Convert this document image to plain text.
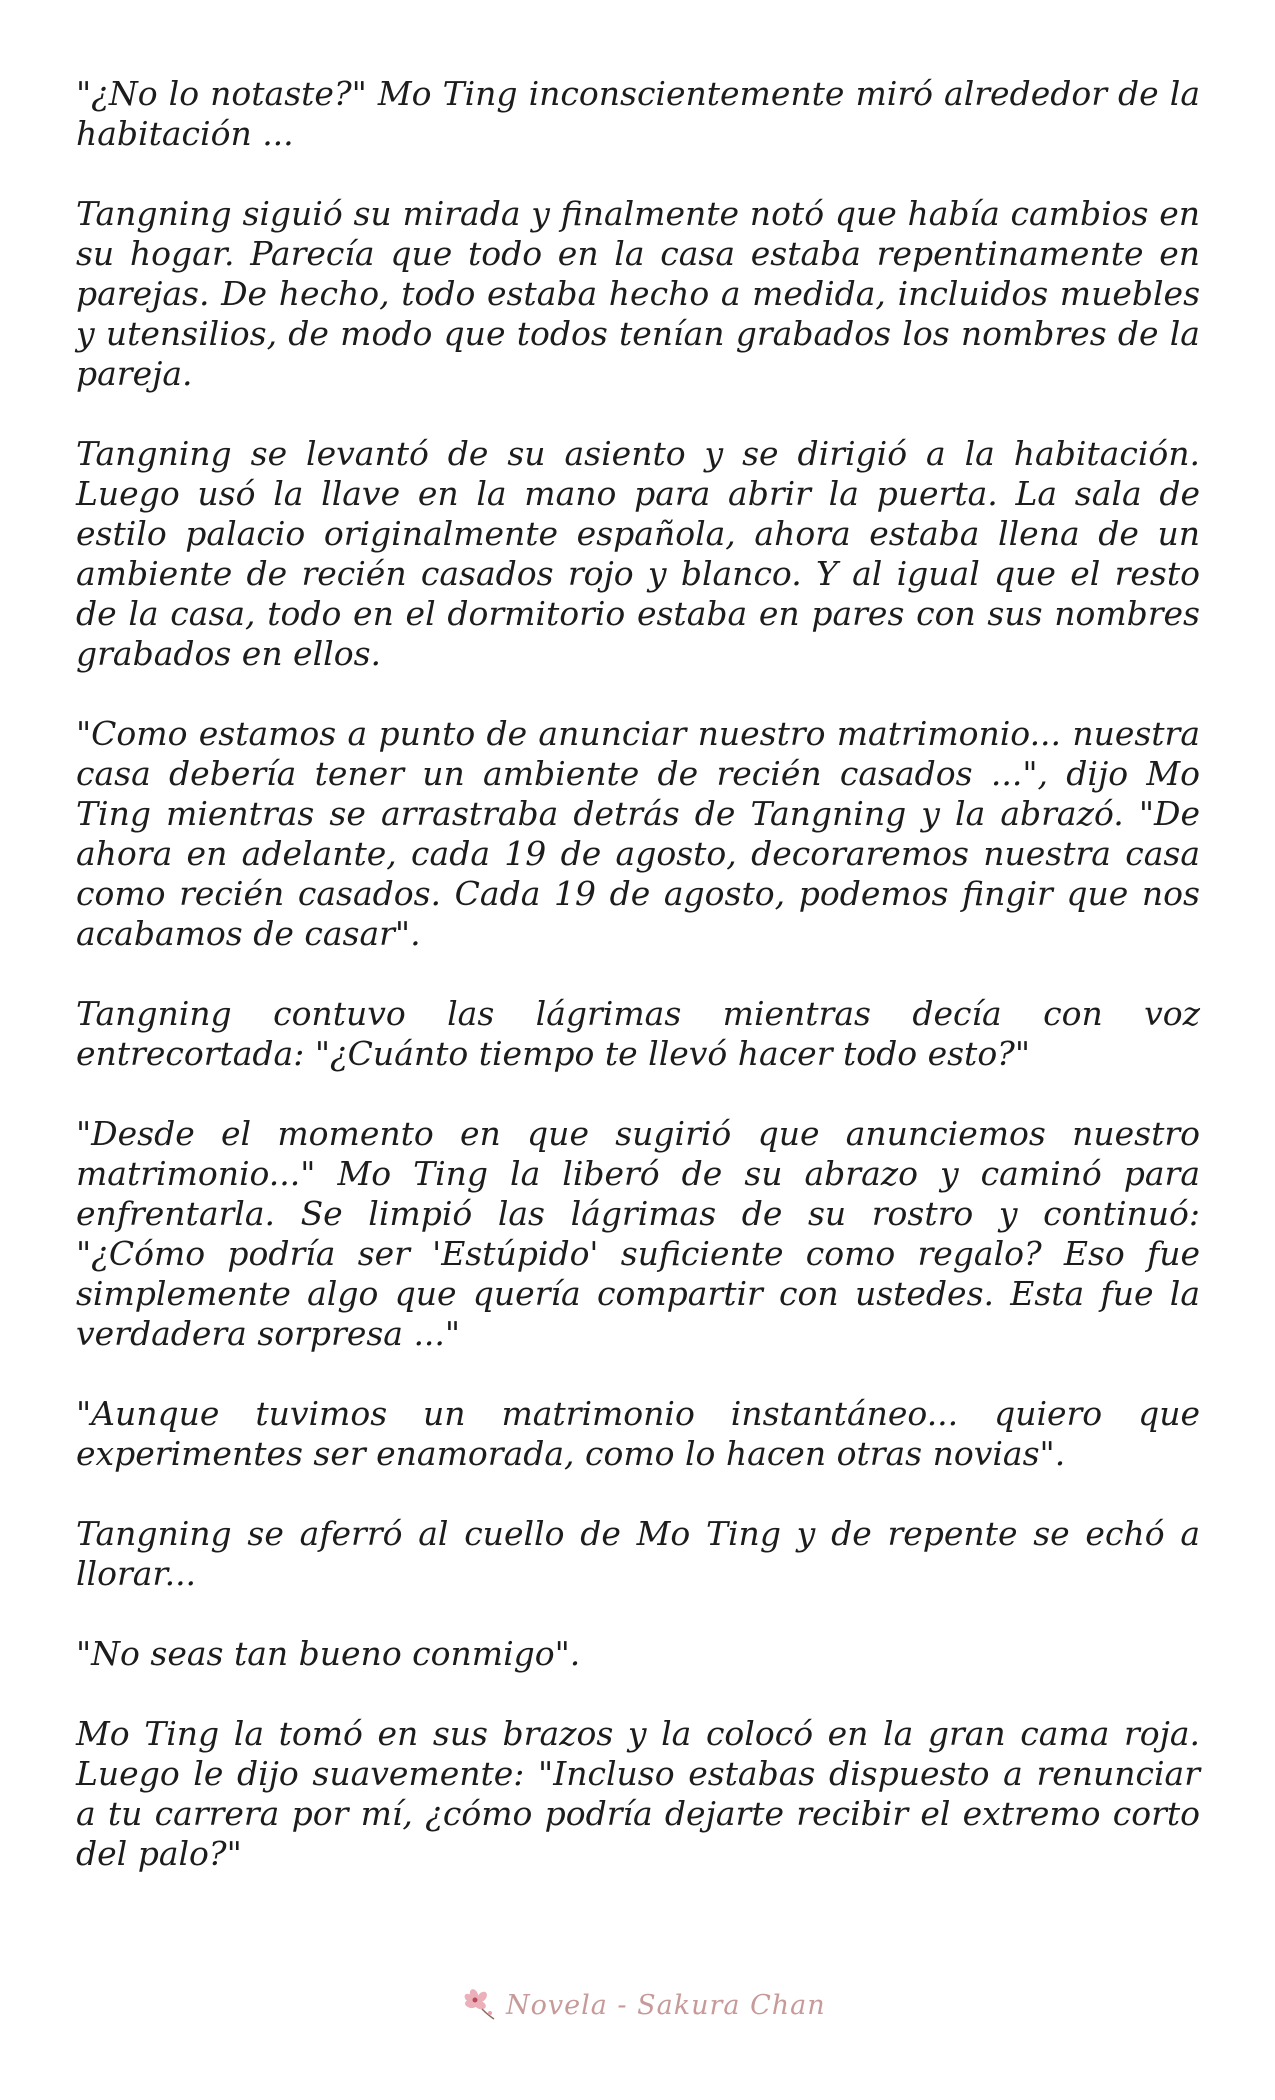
"¿No lo notaste?" Mo Ting inconscientemente miró alrededor de la habitación ...

Tangning siguió su mirada y finalmente notó que había cambios en su hogar. Parecía que todo en la casa estaba repentinamente en parejas. De hecho, todo estaba hecho a medida, incluidos muebles y utensilios, de modo que todos tenían grabados los nombres de la pareja.

Tangning se levantó de su asiento y se dirigió a la habitación. Luego usó la llave en la mano para abrir la puerta. La sala de estilo palacio originalmente española, ahora estaba llena de un ambiente de recién casados rojo y blanco. Y al igual que el resto de la casa, todo en el dormitorio estaba en pares con sus nombres grabados en ellos.

"Como estamos a punto de anunciar nuestro matrimonio... nuestra casa debería tener un ambiente de recién casados ...", dijo Mo Ting mientras se arrastraba detrás de Tangning y la abrazó. "De ahora en adelante, cada 19 de agosto, decoraremos nuestra casa como recién casados. Cada 19 de agosto, podemos fingir que nos acabamos de casar".

Tangning contuvo las lágrimas mientras decía con voz entrecortada: "¿Cuánto tiempo te llevó hacer todo esto?"

"Desde el momento en que sugirió que anunciemos nuestro matrimonio..." Mo Ting la liberó de su abrazo y caminó para enfrentarla. Se limpió las lágrimas de su rostro y continuó: "¿Cómo podría ser 'Estúpido' suficiente como regalo? Eso fue simplemente algo que quería compartir con ustedes. Esta fue la verdadera sorpresa ..."

"Aunque tuvimos un matrimonio instantáneo... quiero que experimentes ser enamorada, como lo hacen otras novias".

Tangning se aferró al cuello de Mo Ting y de repente se echó a llorar...

"No seas tan bueno conmigo".

Mo Ting la tomó en sus brazos y la colocó en la gran cama roja. Luego le dijo suavemente: "Incluso estabas dispuesto a renunciar a tu carrera por mí, ¿cómo podría dejarte recibir el extremo corto del palo?"

Novela - Sakura Chan
